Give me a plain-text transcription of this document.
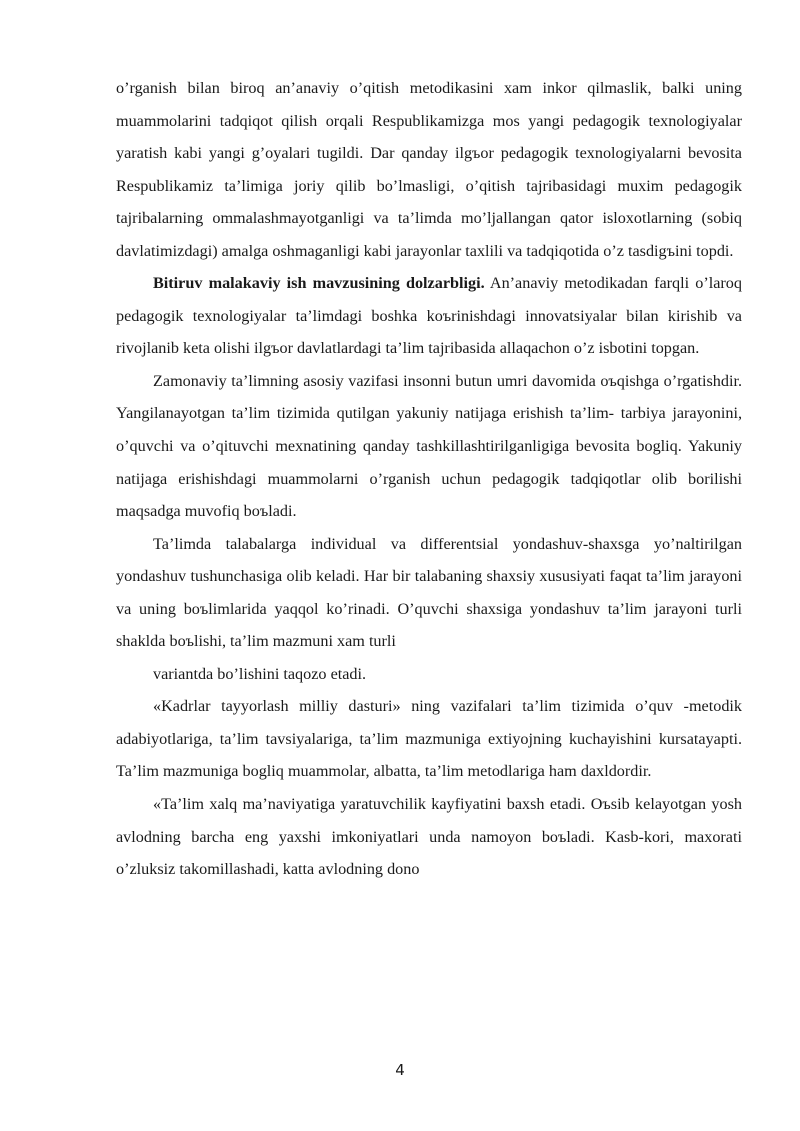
o’rganish bilan biroq an’anaviy o’qitish metodikasini xam inkor qilmaslik, balki uning muammolarini tadqiqot qilish orqali Respublikamizga mos yangi pedagogik texnologiyalar yaratish kabi yangi g’oyalari tugildi. Dar qanday ilgъor pedagogik texnologiyalarni bevosita Respublikamiz ta’limiga joriy qilib bo’lmasligi, o’qitish tajribasidagi muxim pedagogik tajribalarning ommalashmayotganligi va ta’limda mo’ljallangan qator isloxotlarning (sobiq davlatimizdagi) amalga oshmaganligi kabi jarayonlar taxlili va tadqiqotida o’z tasdigъini topdi.

Bitiruv malakaviy ish mavzusining dolzarbligi. An’anaviy metodikadan farqli o’laroq pedagogik texnologiyalar ta’limdagi boshka koъrinishdagi innovatsiyalar bilan kirishib va rivojlanib keta olishi ilgъor davlatlardagi ta’lim tajribasida allaqachon o’z isbotini topgan.

Zamonaviy ta’limning asosiy vazifasi insonni butun umri davomida oъqishga o’rgatishdir. Yangilanayotgan ta’lim tizimida qutilgan yakuniy natijaga erishish ta’lim- tarbiya jarayonini, o’quvchi va o’qituvchi mexnatining qanday tashkillashtirilganligiga bevosita bogliq. Yakuniy natijaga erishishdagi muammolarni o’rganish uchun pedagogik tadqiqotlar olib borilishi maqsadga muvofiq boъladi.

Ta’limda talabalarga individual va differentsial yondashuv-shaxsga yo’naltirilgan yondashuv tushunchasiga olib keladi. Har bir talabaning shaxsiy xususiyati faqat ta’lim jarayoni va uning boъlimlarida yaqqol ko’rinadi. O’quvchi shaxsiga yondashuv ta’lim jarayoni turli shaklda boъlishi, ta’lim mazmuni xam turli

variantda bo’lishini taqozo etadi.

«Kadrlar tayyorlash milliy dasturi» ning vazifalari ta’lim tizimida o’quv -metodik adabiyotlariga, ta’lim tavsiyalariga, ta’lim mazmuniga extiyojning kuchayishini kursatayapti. Ta’lim mazmuniga bogliq muammolar, albatta, ta’lim metodlariga ham daxldordir.

«Ta’lim xalq ma’naviyatiga yaratuvchilik kayfiyatini baxsh etadi. Oъsib kelayotgan yosh avlodning barcha eng yaxshi imkoniyatlari unda namoyon boъladi. Kasb-kori, maxorati o’zluksiz takomillashadi, katta avlodning dono

4
